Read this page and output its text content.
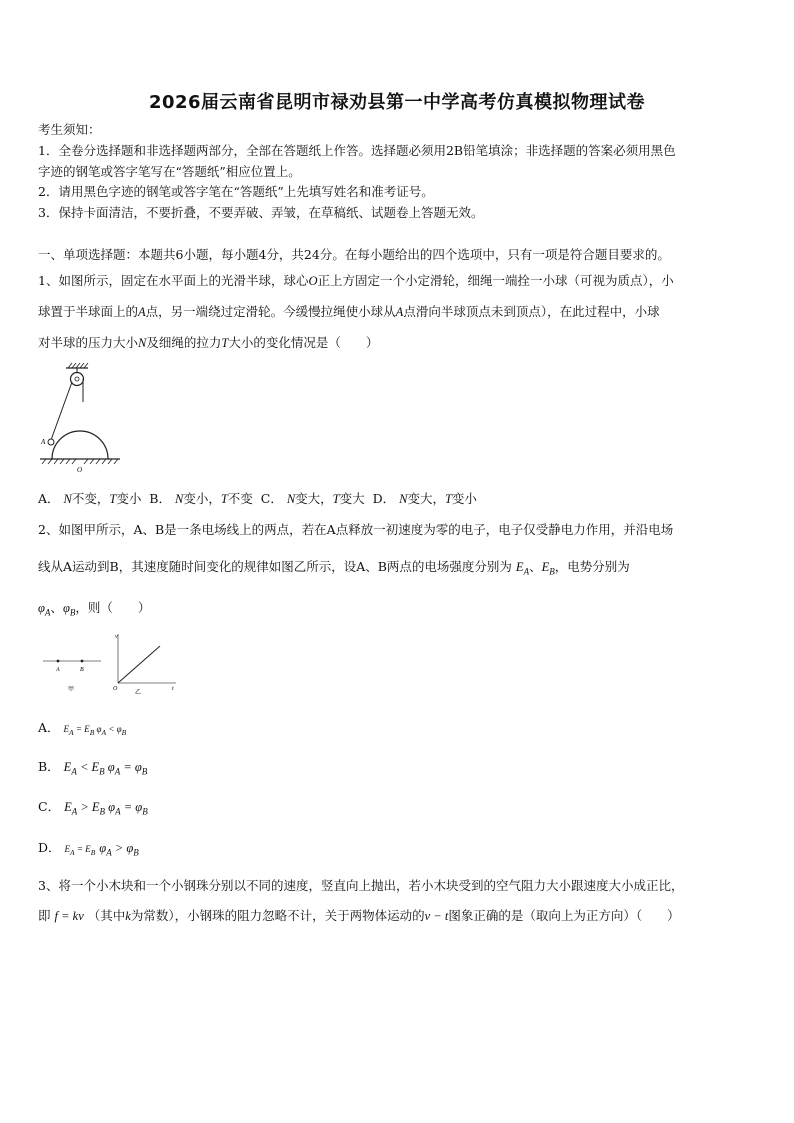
2026届云南省昆明市禄劝县第一中学高考仿真模拟物理试卷
考生须知：
1．全卷分选择题和非选择题两部分，全部在答题纸上作答。选择题必须用2B铅笔填涂；非选择题的答案必须用黑色
字迹的钢笔或答字笔写在“答题纸”相应位置上。
2．请用黑色字迹的钢笔或答字笔在“答题纸”上先填写姓名和准考证号。
3．保持卡面清洁，不要折叠，不要弄破、弄皱，在草稿纸、试题卷上答题无效。
一、单项选择题：本题共6小题，每小题4分，共24分。在每小题给出的四个选项中，只有一项是符合题目要求的。
1、如图所示，固定在水平面上的光滑半球，球心O正上方固定一个小定滑轮，细绳一端拴一小球（可视为质点），小
球置于半球面上的A点，另一端绕过定滑轮。今缓慢拉绳使小球从A点滑向半球顶点未到顶点），在此过程中，小球
对半球的压力大小N及细绳的拉力T大小的变化情况是（　　）
A
O
A． N不变，T变小 B． N变小，T不变 C． N变大，T变大 D． N变大，T变小
2、如图甲所示，A、B是一条电场线上的两点，若在A点释放一初速度为零的电子，电子仅受静电力作用，并沿电场
线从A运动到B，其速度随时间变化的规律如图乙所示，设A、B两点的电场强度分别为 $E_A$、$E_B$，电势分别为
$\varphi_A$、$\varphi_B$，则（　　）
A	B
甲
v
t
O
乙
A． $E_A = E_B$ $\varphi_A < \varphi_B$
B． $E_A < E_B$ $\varphi_A = \varphi_B$
C． $E_A > E_B$ $\varphi_A = \varphi_B$
D． $E_A = E_B$ $\varphi_A > \varphi_B$
3、将一个小木块和一个小钢珠分别以不同的速度，竖直向上抛出，若小木块受到的空气阻力大小跟速度大小成正比，
即 f = kv （其中k为常数），小钢珠的阻力忽略不计，关于两物体运动的v − t图象正确的是（取向上为正方向）（　　）
